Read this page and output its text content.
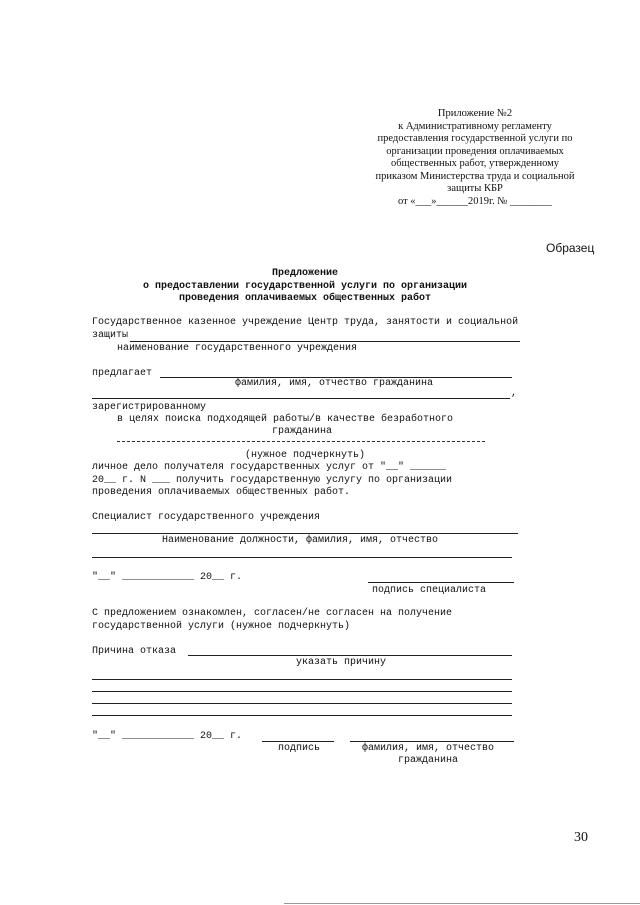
Приложение №2
к Административному регламенту
предоставления государственной услуги по
организации проведения оплачиваемых
общественных работ, утвержденному
приказом Министерства труда и социальной
защиты КБР
от «___»______2019г. № ________
Образец
Предложение
о предоставлении государственной услуги по организации
проведения оплачиваемых общественных работ
Государственное казенное учреждение Центр труда, занятости и социальной
защиты
наименование государственного учреждения
предлагает
фамилия, имя, отчество гражданина
,
зарегистрированному
в целях поиска подходящей работы/в качестве безработного
гражданина
(нужное подчеркнуть)
личное дело получателя государственных услуг от "__" ______
20__ г. N ___ получить государственную услугу по организации
проведения оплачиваемых общественных работ.
Специалист государственного учреждения
Наименование должности, фамилия, имя, отчество
"__" ____________ 20__ г.
подпись специалиста
С предложением ознакомлен, согласен/не согласен на получение
государственной услуги (нужное подчеркнуть)
Причина отказа
указать причину
"__" ____________ 20__ г.
подпись	фамилия, имя, отчество
гражданина
30
